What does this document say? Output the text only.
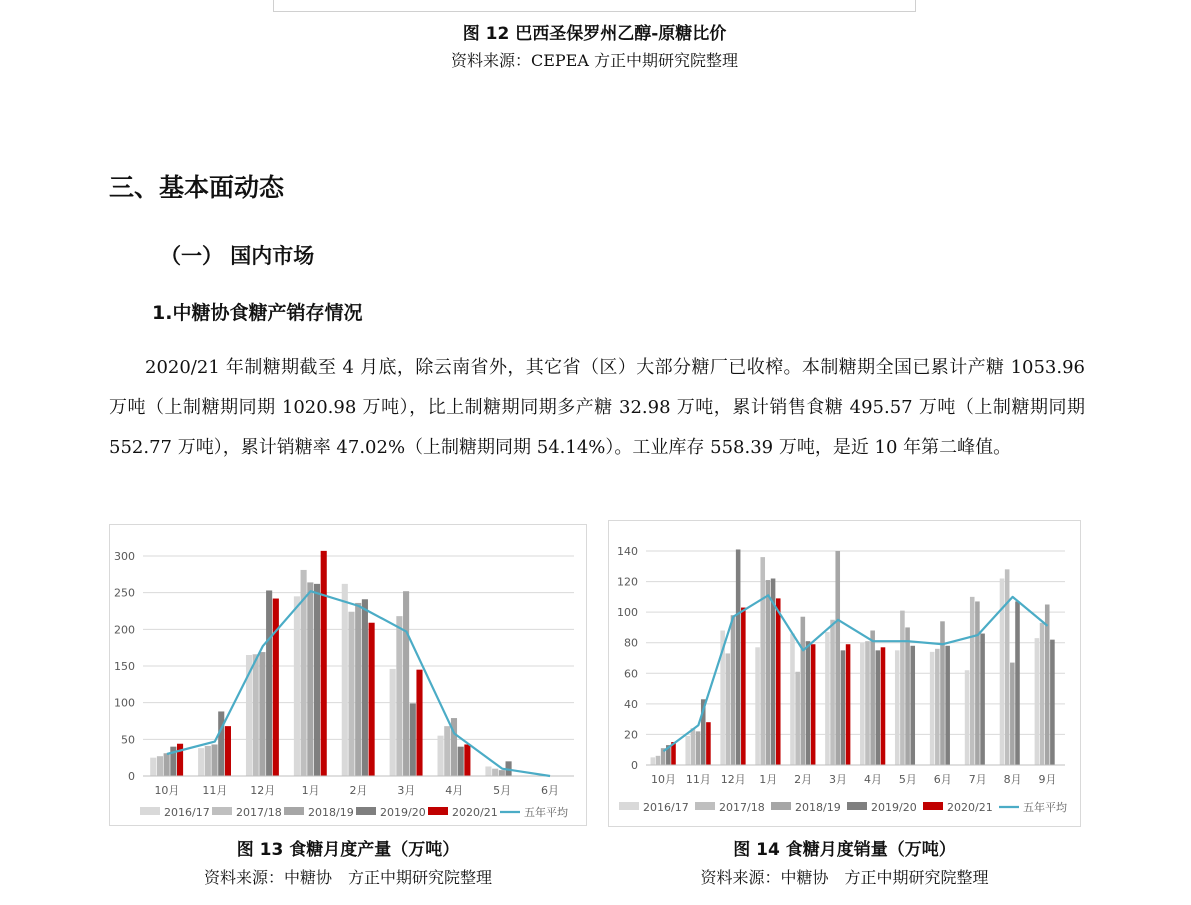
图 12 巴西圣保罗州乙醇-原糖比价
资料来源：CEPEA 方正中期研究院整理
三、基本面动态
（一） 国内市场
1.中糖协食糖产销存情况
2020/21 年制糖期截至 4 月底，除云南省外，其它省（区）大部分糖厂已收榨。本制糖期全国已累计产糖 1053.96 万吨（上制糖期同期 1020.98 万吨），比上制糖期同期多产糖 32.98 万吨，累计销售食糖 495.57 万吨（上制糖期同期 552.77 万吨），累计销糖率 47.02%（上制糖期同期 54.14%）。工业库存 558.39 万吨，是近 10 年第二峰值。
0
50
100
150
200
250
300
10月 11月 12月 1月	2月	3月	4月	5月	6月
2016/17 2017/18 2018/19 2019/20 2020/21 五年平均
0
20
40
60
80
100
120
140
10月 11月 12月 1月 2月 3月 4月 5月 6月 7月 8月 9月
2016/17	2017/18	2018/19	2019/20	2020/21	五年平均
图 13 食糖月度产量（万吨）
资料来源：中糖协　方正中期研究院整理
图 14 食糖月度销量（万吨）
资料来源：中糖协　方正中期研究院整理
